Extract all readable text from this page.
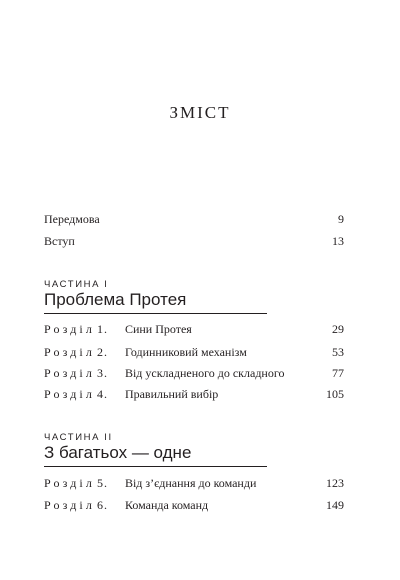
ЗМІСТ
Передмова	9
Вступ	13
ЧАСТИНА І
Проблема Протея
Розділ 1. Сини Протея	29
Розділ 2. Годинниковий механізм	53
Розділ 3. Від ускладненого до складного	77
Розділ 4. Правильний вибір	105
ЧАСТИНА ІІ
З багатьох — одне
Розділ 5. Від з’єднання до команди	123
Розділ 6. Команда команд	149
